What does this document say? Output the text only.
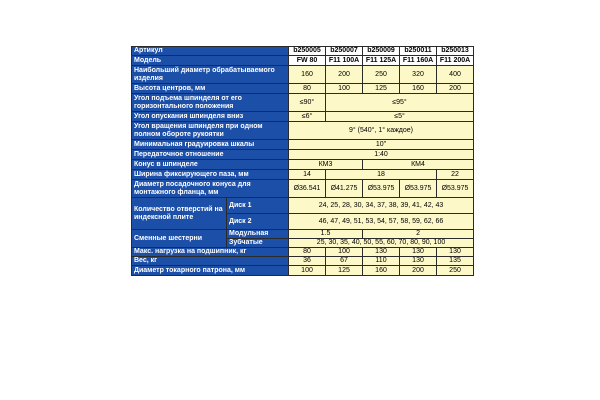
Артикул		b250005	b250007	b250009	b250011	b250013
Модель		FW 80	F11 100A	F11 125A	F11 160A	F11 200A
Наибольший диаметр обрабатываемого изделия		160	200	250	320	400
Высота центров, мм		80	100	125	160	200
Угол подъема шпинделя от его горизонтального положения		≤90°	≤95°			
Угол опускания шпинделя вниз		≤6°	≤5°			
Угол вращения шпинделя при одном полном обороте рукоятки		9° (540°, 1° каждое)				
Минимальная градуировка шкалы		10"				
Передаточное отношение		1:40				
Конус в шпинделе		КМ3		КМ4		
Ширина фиксирующего паза, мм		14	18			22
Диаметр посадочного конуса для монтажного фланца, мм		Ø36.541	Ø41.275	Ø53.975	Ø53.975	Ø53.975
Количество отверстий на индексной плите	Диск 1	24, 25, 28, 30, 34, 37, 38, 39, 41, 42, 43				
	Диск 2	46, 47, 49, 51, 53, 54, 57, 58, 59, 62, 66				
Сменные шестерни	Модульная	1.5		2		
	Зубчатые	25, 30, 35, 40, 50, 55, 60, 70, 80, 90, 100				
Макс. нагрузка на подшипник, кг		80	100	130	130	130
Вес, кг		36	67	110	130	135
Диаметр токарного патрона, мм		100	125	160	200	250
